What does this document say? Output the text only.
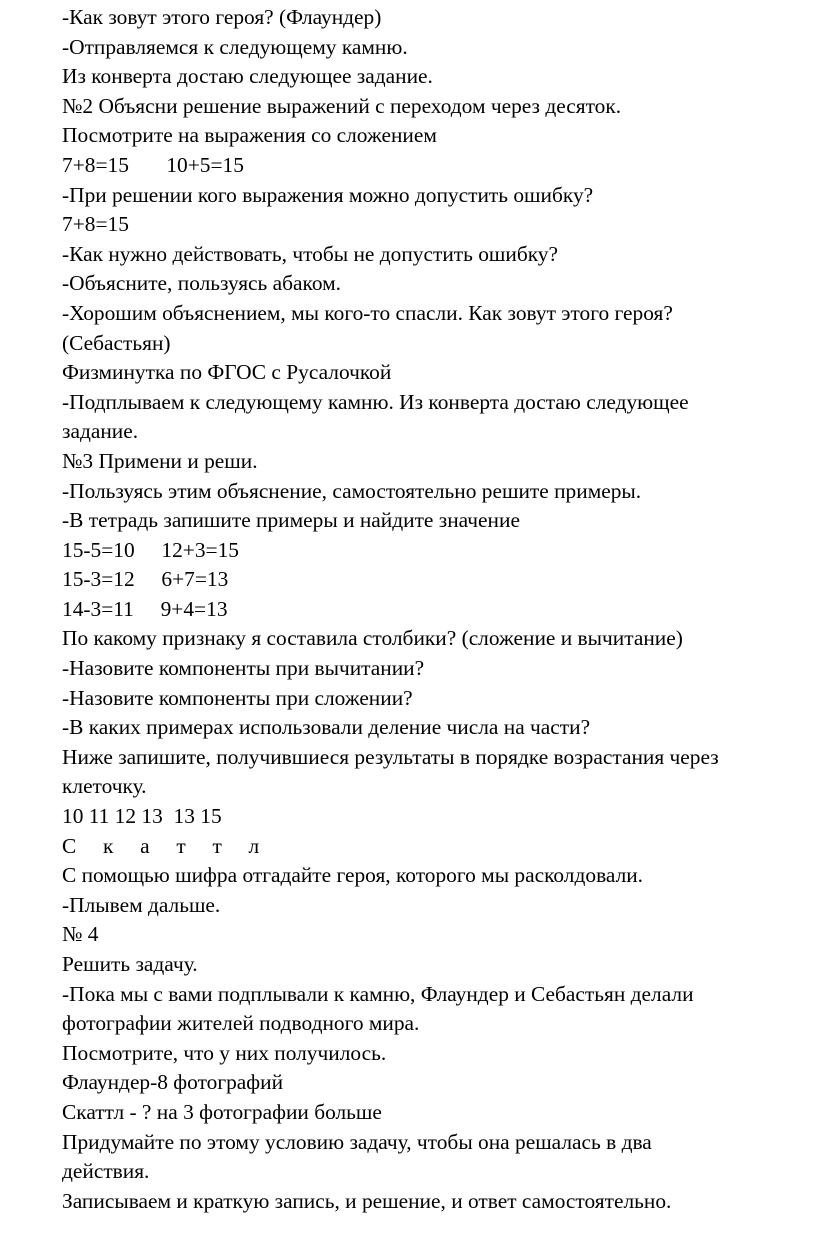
-Как зовут этого героя? (Флаундер)
-Отправляемся к следующему камню.
Из конверта достаю следующее задание.
№2 Объясни решение выражений с переходом через десяток.
Посмотрите на выражения со сложением
7+8=15       10+5=15
-При решении кого выражения можно допустить ошибку?
7+8=15
-Как нужно действовать, чтобы не допустить ошибку?
-Объясните, пользуясь абаком.
-Хорошим объяснением, мы кого-то спасли. Как зовут этого героя?
(Себастьян)
Физминутка по ФГОС с Русалочкой
-Подплываем к следующему камню. Из конверта достаю следующее
задание.
№3 Примени и реши.
-Пользуясь этим объяснение, самостоятельно решите примеры.
-В тетрадь запишите примеры и найдите значение
15-5=10     12+3=15
15-3=12     6+7=13
14-3=11     9+4=13
По какому признаку я составила столбики? (сложение и вычитание)
-Назовите компоненты при вычитании?
-Назовите компоненты при сложении?
-В каких примерах использовали деление числа на части?
Ниже запишите, получившиеся результаты в порядке возрастания через
клеточку.
10 11 12 13  13 15
С     к     а     т     т     л
С помощью шифра отгадайте героя, которого мы расколдовали.
-Плывем дальше.
№ 4
Решить задачу.
-Пока мы с вами подплывали к камню, Флаундер и Себастьян делали
фотографии жителей подводного мира.
Посмотрите, что у них получилось.
Флаундер-8 фотографий
Скаттл - ? на 3 фотографии больше
Придумайте по этому условию задачу, чтобы она решалась в два
действия.
Записываем и краткую запись, и решение, и ответ самостоятельно.
